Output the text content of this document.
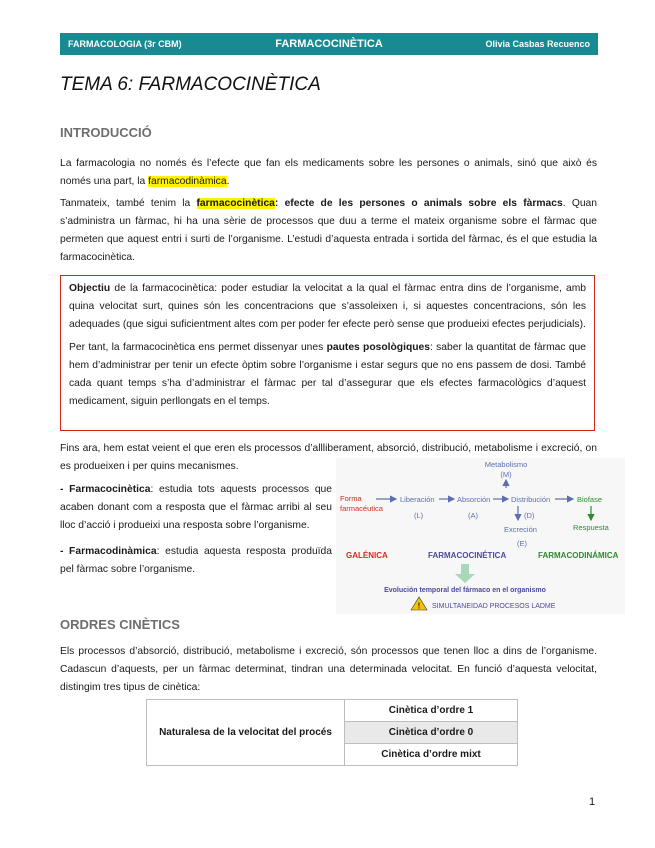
FARMACOLOGIA (3r CBM)	FARMACOCINÈTICA	Olivia Casbas Recuenco
TEMA 6: FARMACOCINÈTICA
INTRODUCCIÓ
La farmacologia no només és l’efecte que fan els medicaments sobre les persones o animals, sinó que això és només una part, la farmacodinàmica.
Tanmateix, també tenim la farmacocinètica: efecte de les persones o animals sobre els fàrmacs. Quan s’administra un fàrmac, hi ha una sèrie de processos que duu a terme el mateix organisme sobre el fàrmac que permeten que aquest entri i surti de l’organisme. L’estudi d’aquesta entrada i sortida del fàrmac, és el que estudia la farmacocinètica.

Objectiu de la farmacocinètica: poder estudiar la velocitat a la qual el fàrmac entra dins de l’organisme, amb quina velocitat surt, quines són les concentracions que s’assoleixen i, si aquestes concentracions, són les adequades (que sigui suficientment altes com per poder fer efecte però sense que produeixi efectes perjudicials).

Per tant, la farmacocinètica ens permet dissenyar unes pautes posològiques: saber la quantitat de fàrmac que hem d’administrar per tenir un efecte òptim sobre l’organisme i estar segurs que no ens passem de dosi. També cada quant temps s’ha d’administrar el fàrmac per tal d’assegurar que els efectes farmacològics d’aquest medicament, siguin perllongats en el temps.

Fins ara, hem estat veient el que eren els processos d’allliberament, absorció, distribució, metabolisme i excreció, on es produeixen i per quins mecanismes.
- Farmacocinètica: estudia tots aquests processos que acaben donant com a resposta que el fàrmac arribi al seu lloc d’acció i produeixi una resposta sobre l’organisme.
- Farmacodinàmica: estudia aquesta resposta produïda pel fàrmac sobre l’organisme.
Metabolismo
(M)
Forma
farmacéutica
Liberación
(L)
Absorción
(A)
Distribución	Biofase
Respuesta
(D)
Excreción
(E)
GALÉNICA	FARMACOCINÉTICA	FARMACODINÁMICA
Evolución temporal del fármaco en el organismo
! SIMULTANEIDAD PROCESOS LADME
ORDRES CINÈTICS
Els processos d’absorció, distribució, metabolisme i excreció, són processos que tenen lloc a dins de l’organisme. Cadascun d’aquests, per un fàrmac determinat, tindran una determinada velocitat. En funció d’aquesta velocitat, distingim tres tipus de cinètica:
Naturalesa de la velocitat del procés	Cinètica d’ordre 1
Cinètica d’ordre 0
Cinètica d’ordre mixt
1
